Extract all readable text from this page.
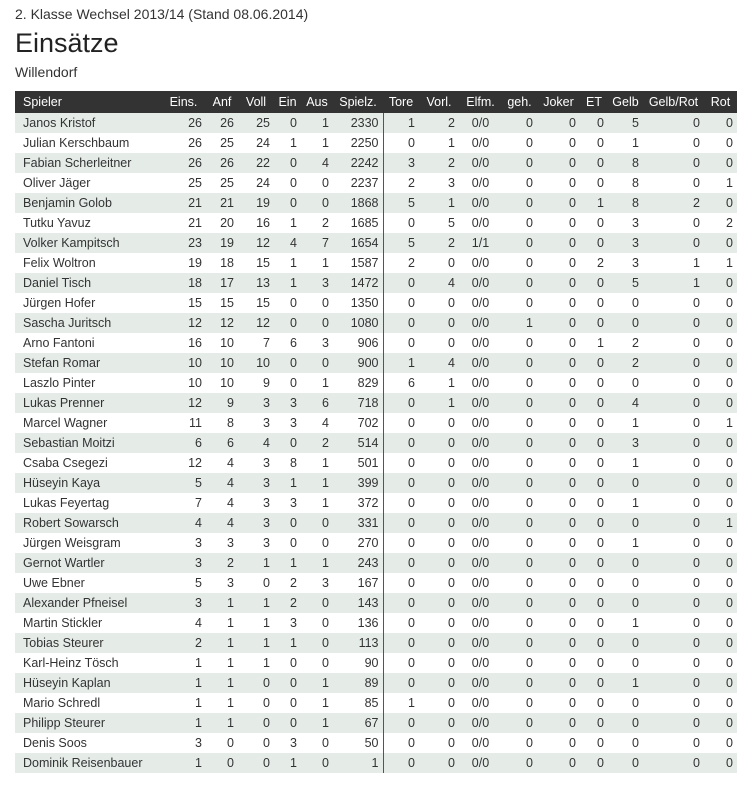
2. Klasse Wechsel 2013/14 (Stand 08.06.2014)

Einsätze

Willendorf

Spieler	Eins.	Anf	Voll	Ein	Aus	Spielz.	Tore	Vorl.	Elfm.	geh.	Joker	ET	Gelb	Gelb/Rot	Rot
Janos Kristof	26	26	25	0	1	2330	1	2	0/0	0	0	0	5	0	0
Julian Kerschbaum	26	25	24	1	1	2250	0	1	0/0	0	0	0	1	0	0
Fabian Scherleitner	26	26	22	0	4	2242	3	2	0/0	0	0	0	8	0	0
Oliver Jäger	25	25	24	0	0	2237	2	3	0/0	0	0	0	8	0	1
Benjamin Golob	21	21	19	0	0	1868	5	1	0/0	0	0	1	8	2	0
Tutku Yavuz	21	20	16	1	2	1685	0	5	0/0	0	0	0	3	0	2
Volker Kampitsch	23	19	12	4	7	1654	5	2	1/1	0	0	0	3	0	0
Felix Woltron	19	18	15	1	1	1587	2	0	0/0	0	0	2	3	1	1
Daniel Tisch	18	17	13	1	3	1472	0	4	0/0	0	0	0	5	1	0
Jürgen Hofer	15	15	15	0	0	1350	0	0	0/0	0	0	0	0	0	0
Sascha Juritsch	12	12	12	0	0	1080	0	0	0/0	1	0	0	0	0	0
Arno Fantoni	16	10	7	6	3	906	0	0	0/0	0	0	1	2	0	0
Stefan Romar	10	10	10	0	0	900	1	4	0/0	0	0	0	2	0	0
Laszlo Pinter	10	10	9	0	1	829	6	1	0/0	0	0	0	0	0	0
Lukas Prenner	12	9	3	3	6	718	0	1	0/0	0	0	0	4	0	0
Marcel Wagner	11	8	3	3	4	702	0	0	0/0	0	0	0	1	0	1
Sebastian Moitzi	6	6	4	0	2	514	0	0	0/0	0	0	0	3	0	0
Csaba Csegezi	12	4	3	8	1	501	0	0	0/0	0	0	0	1	0	0
Hüseyin Kaya	5	4	3	1	1	399	0	0	0/0	0	0	0	0	0	0
Lukas Feyertag	7	4	3	3	1	372	0	0	0/0	0	0	0	1	0	0
Robert Sowarsch	4	4	3	0	0	331	0	0	0/0	0	0	0	0	0	1
Jürgen Weisgram	3	3	3	0	0	270	0	0	0/0	0	0	0	1	0	0
Gernot Wartler	3	2	1	1	1	243	0	0	0/0	0	0	0	0	0	0
Uwe Ebner	5	3	0	2	3	167	0	0	0/0	0	0	0	0	0	0
Alexander Pfneisel	3	1	1	2	0	143	0	0	0/0	0	0	0	0	0	0
Martin Stickler	4	1	1	3	0	136	0	0	0/0	0	0	0	1	0	0
Tobias Steurer	2	1	1	1	0	113	0	0	0/0	0	0	0	0	0	0
Karl-Heinz Tösch	1	1	1	0	0	90	0	0	0/0	0	0	0	0	0	0
Hüseyin Kaplan	1	1	0	0	1	89	0	0	0/0	0	0	0	1	0	0
Mario Schredl	1	1	0	0	1	85	1	0	0/0	0	0	0	0	0	0
Philipp Steurer	1	1	0	0	1	67	0	0	0/0	0	0	0	0	0	0
Denis Soos	3	0	0	3	0	50	0	0	0/0	0	0	0	0	0	0
Dominik Reisenbauer	1	0	0	1	0	1	0	0	0/0	0	0	0	0	0	0
